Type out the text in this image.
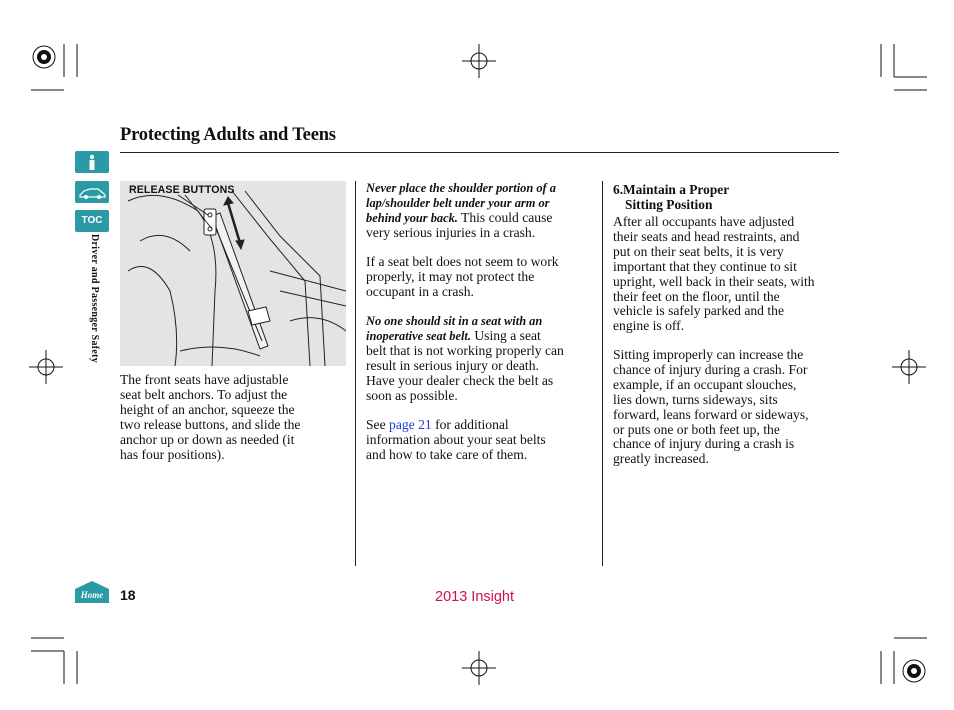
TOC
Driver and Passenger Safety
Protecting Adults and Teens
RELEASE BUTTONS
The front seats have adjustable
seat belt anchors. To adjust the
height of an anchor, squeeze the
two release buttons, and slide the
anchor up or down as needed (it
has four positions).
Never place the shoulder portion of a
lap/shoulder belt under your arm or
behind your back. This could cause
very serious injuries in a crash.
If a seat belt does not seem to work
properly, it may not protect the
occupant in a crash.
No one should sit in a seat with an
inoperative seat belt. Using a seat
belt that is not working properly can
result in serious injury or death.
Have your dealer check the belt as
soon as possible.
See page 21 for additional
information about your seat belts
and how to take care of them.
6.Maintain a Proper
Sitting Position
After all occupants have adjusted
their seats and head restraints, and
put on their seat belts, it is very
important that they continue to sit
upright, well back in their seats, with
their feet on the floor, until the
vehicle is safely parked and the
engine is off.
Sitting improperly can increase the
chance of injury during a crash. For
example, if an occupant slouches,
lies down, turns sideways, sits
forward, leans forward or sideways,
or puts one or both feet up, the
chance of injury during a crash is
greatly increased.
Home 18	2013 Insight
